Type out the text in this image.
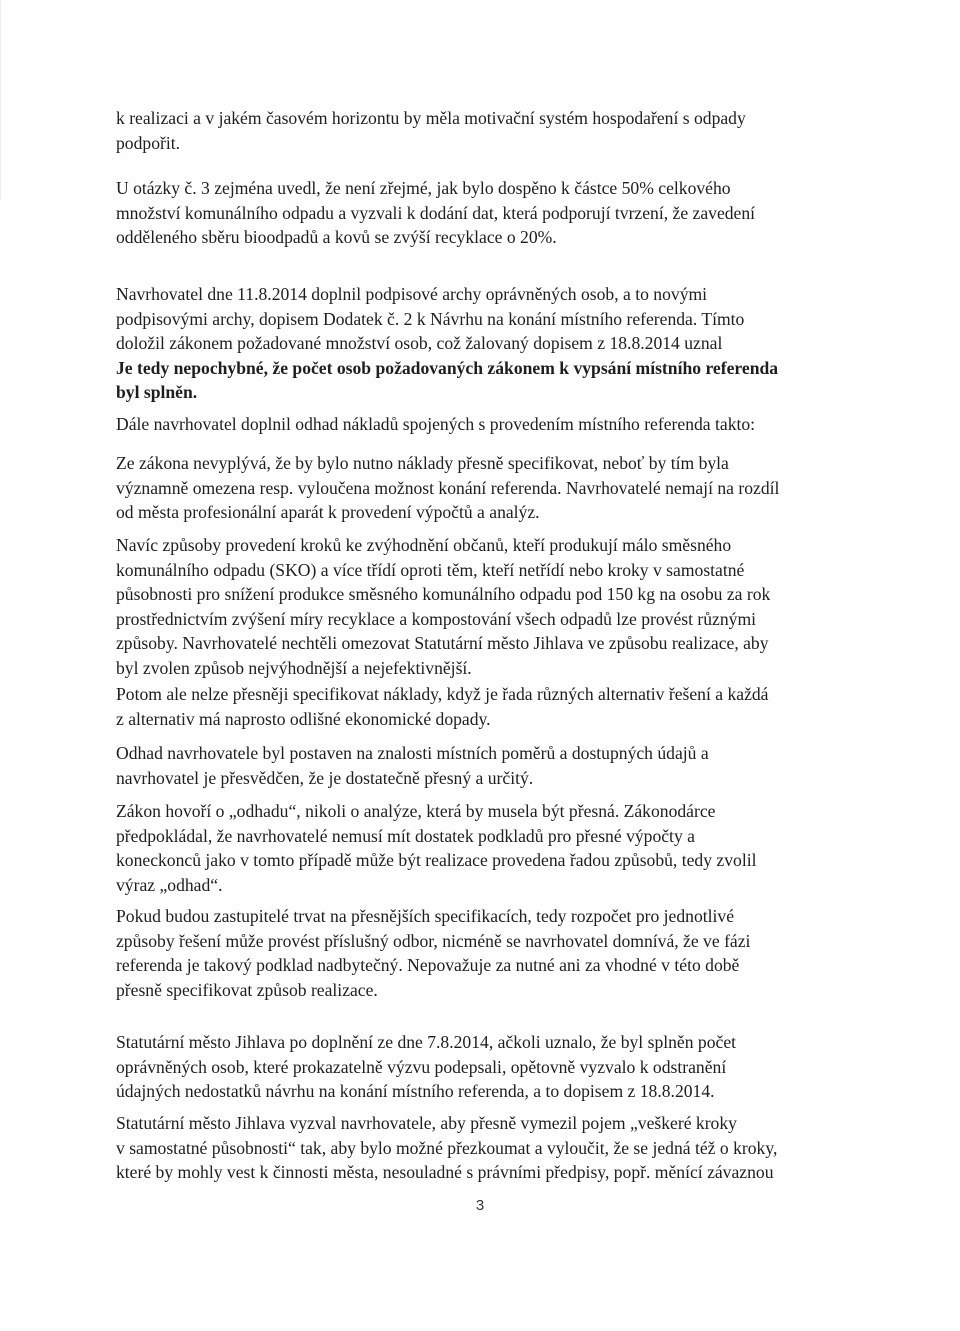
k realizaci a v jakém časovém horizontu by měla motivační systém hospodaření s odpady
podpořit.

U otázky č. 3 zejména uvedl, že není zřejmé, jak bylo dospěno k částce 50% celkového
množství komunálního odpadu a vyzvali k dodání dat, která podporují tvrzení, že zavedení
odděleného sběru bioodpadů a kovů se zvýší recyklace o 20%.

Navrhovatel dne 11.8.2014 doplnil podpisové archy oprávněných osob, a to novými
podpisovými archy, dopisem Dodatek č. 2 k Návrhu na konání místního referenda. Tímto
doložil zákonem požadované množství osob, což žalovaný dopisem z 18.8.2014 uznal
Je tedy nepochybné, že počet osob požadovaných zákonem k vypsání místního referenda
byl splněn.

Dále navrhovatel doplnil odhad nákladů spojených s provedením místního referenda takto:

Ze zákona nevyplývá, že by bylo nutno náklady přesně specifikovat, neboť by tím byla
významně omezena resp. vyloučena možnost konání referenda. Navrhovatelé nemají na rozdíl
od města profesionální aparát k provedení výpočtů a analýz.

Navíc způsoby provedení kroků ke zvýhodnění občanů, kteří produkují málo směsného
komunálního odpadu (SKO) a více třídí oproti těm, kteří netřídí nebo kroky v samostatné
působnosti pro snížení produkce směsného komunálního odpadu pod 150 kg na osobu za rok
prostřednictvím zvýšení míry recyklace a kompostování všech odpadů lze provést různými
způsoby. Navrhovatelé nechtěli omezovat Statutární město Jihlava ve způsobu realizace, aby
byl zvolen způsob nejvýhodnější a nejefektivnější.

Potom ale nelze přesněji specifikovat náklady, když je řada různých alternativ řešení a každá
z alternativ má naprosto odlišné ekonomické dopady.

Odhad navrhovatele byl postaven na znalosti místních poměrů a dostupných údajů a
navrhovatel je přesvědčen, že je dostatečně přesný a určitý.

Zákon hovoří o „odhadu“, nikoli o analýze, která by musela být přesná. Zákonodárce
předpokládal, že navrhovatelé nemusí mít dostatek podkladů pro přesné výpočty a
koneckonců jako v tomto případě může být realizace provedena řadou způsobů, tedy zvolil
výraz „odhad“.

Pokud budou zastupitelé trvat na přesnějších specifikacích, tedy rozpočet pro jednotlivé
způsoby řešení může provést příslušný odbor, nicméně se navrhovatel domnívá, že ve fázi
referenda je takový podklad nadbytečný. Nepovažuje za nutné ani za vhodné v této době
přesně specifikovat způsob realizace.

Statutární město Jihlava po doplnění ze dne 7.8.2014, ačkoli uznalo, že byl splněn počet
oprávněných osob, které prokazatelně výzvu podepsali, opětovně vyzvalo k odstranění
údajných nedostatků návrhu na konání místního referenda, a to dopisem z 18.8.2014.

Statutární město Jihlava vyzval navrhovatele, aby přesně vymezil pojem „veškeré kroky
v samostatné působnosti“ tak, aby bylo možné přezkoumat a vyloučit, že se jedná též o kroky,
které by mohly vest k činnosti města, nesouladné s právními předpisy, popř. měnící závaznou

3
